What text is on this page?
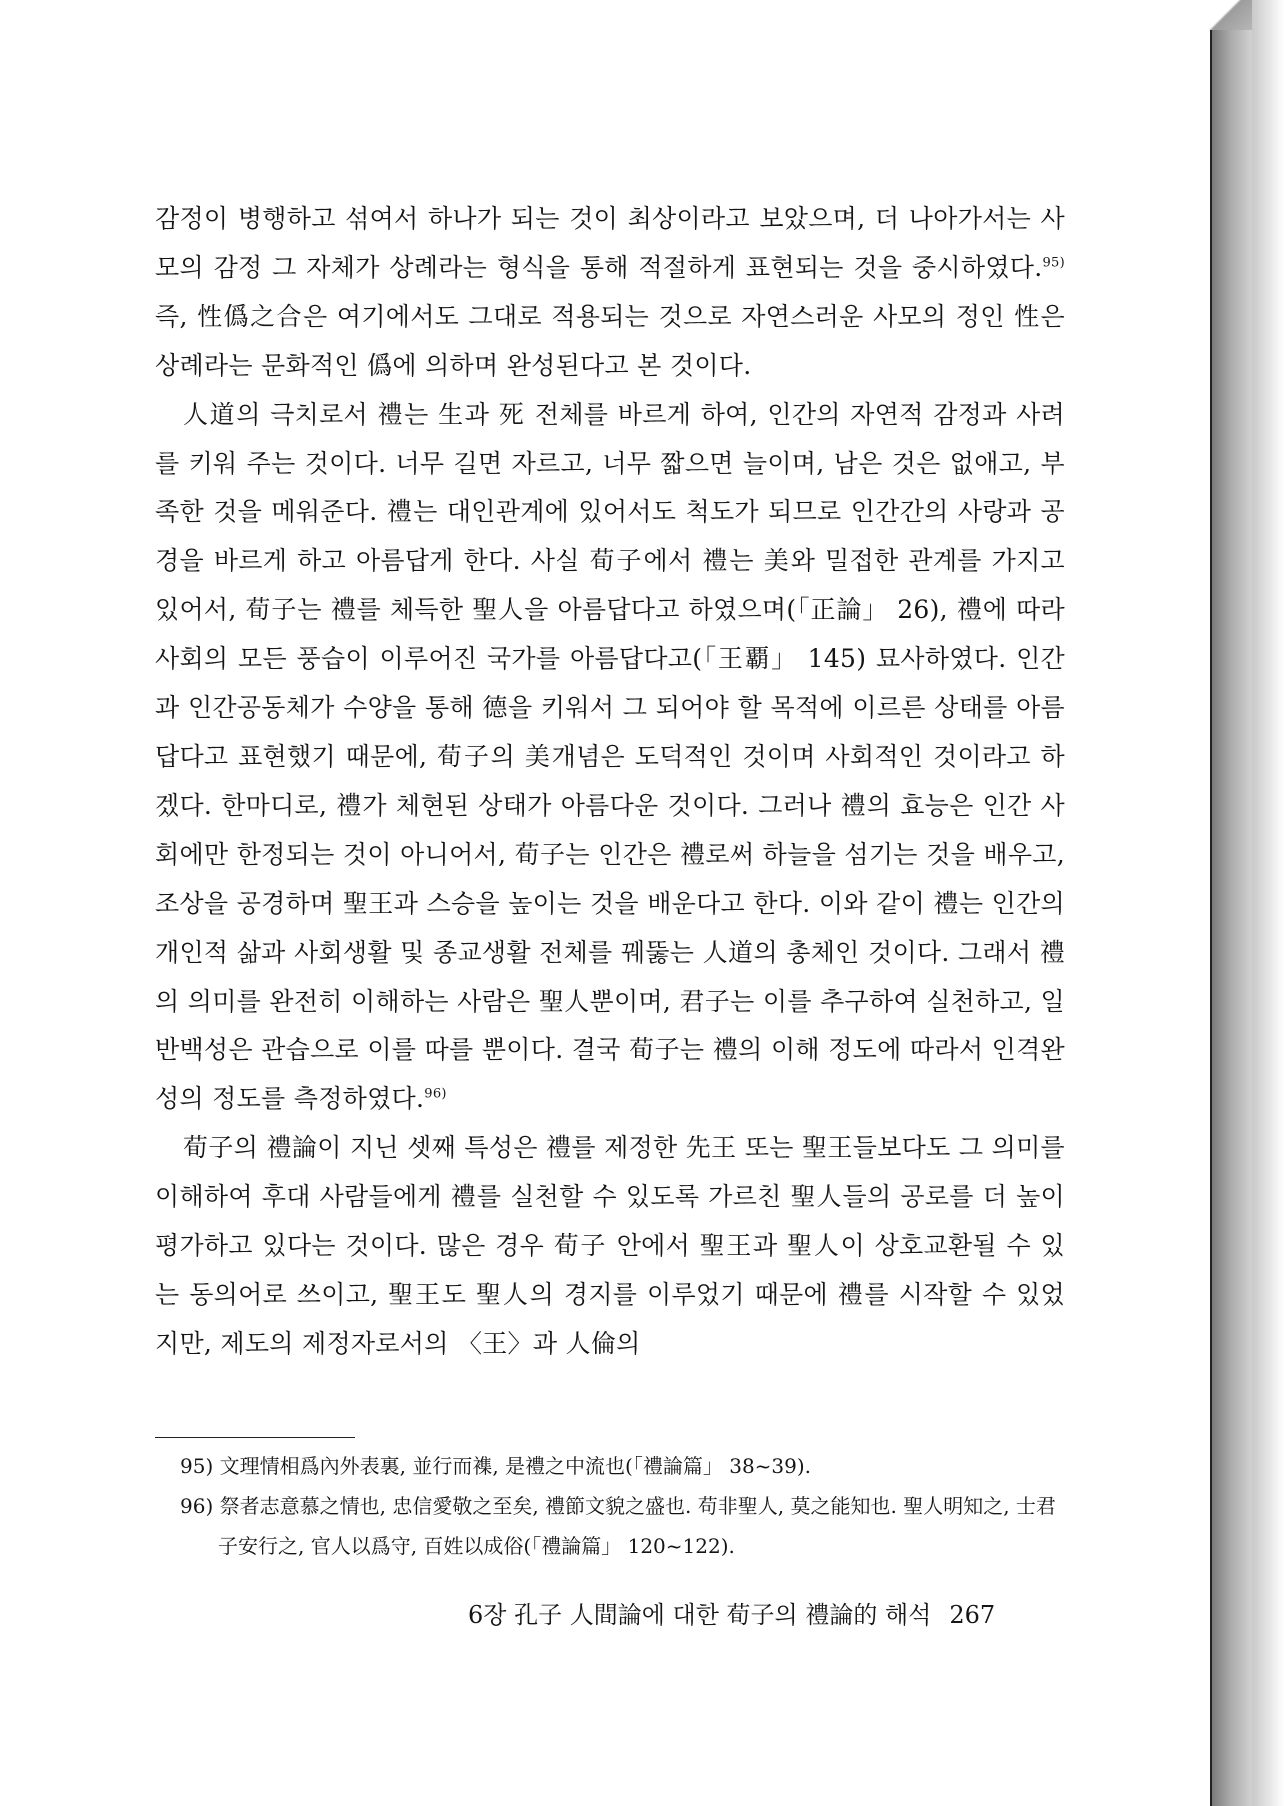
감정이 병행하고 섞여서 하나가 되는 것이 최상이라고 보았으며, 더 나아가서는 사모의 감정 그 자체가 상례라는 형식을 통해 적절하게 표현되는 것을 중시하였다.$^{95)}$ 즉, 性僞之合은 여기에서도 그대로 적용되는 것으로 자연스러운 사모의 정인 性은 상례라는 문화적인 僞에 의하며 완성된다고 본 것이다.

人道의 극치로서 禮는 生과 死 전체를 바르게 하여, 인간의 자연적 감정과 사려를 키워 주는 것이다. 너무 길면 자르고, 너무 짧으면 늘이며, 남은 것은 없애고, 부족한 것을 메워준다. 禮는 대인관계에 있어서도 척도가 되므로 인간간의 사랑과 공경을 바르게 하고 아름답게 한다. 사실 荀子에서 禮는 美와 밀접한 관계를 가지고 있어서, 荀子는 禮를 체득한 聖人을 아름답다고 하였으며(「正論」 26), 禮에 따라 사회의 모든 풍습이 이루어진 국가를 아름답다고(「王覇」 145) 묘사하였다. 인간과 인간공동체가 수양을 통해 德을 키워서 그 되어야 할 목적에 이르른 상태를 아름답다고 표현했기 때문에, 荀子의 美개념은 도덕적인 것이며 사회적인 것이라고 하겠다. 한마디로, 禮가 체현된 상태가 아름다운 것이다. 그러나 禮의 효능은 인간 사회에만 한정되는 것이 아니어서, 荀子는 인간은 禮로써 하늘을 섬기는 것을 배우고, 조상을 공경하며 聖王과 스승을 높이는 것을 배운다고 한다. 이와 같이 禮는 인간의 개인적 삶과 사회생활 및 종교생활 전체를 꿰뚫는 人道의 총체인 것이다. 그래서 禮의 의미를 완전히 이해하는 사람은 聖人뿐이며, 君子는 이를 추구하여 실천하고, 일반백성은 관습으로 이를 따를 뿐이다. 결국 荀子는 禮의 이해 정도에 따라서 인격완성의 정도를 측정하였다.$^{96)}$

荀子의 禮論이 지닌 셋째 특성은 禮를 제정한 先王 또는 聖王들보다도 그 의미를 이해하여 후대 사람들에게 禮를 실천할 수 있도록 가르친 聖人들의 공로를 더 높이 평가하고 있다는 것이다. 많은 경우 荀子 안에서 聖王과 聖人이 상호교환될 수 있는 동의어로 쓰이고, 聖王도 聖人의 경지를 이루었기 때문에 禮를 시작할 수 있었지만, 제도의 제정자로서의 〈王〉과 人倫의

95) 文理情相爲內外表裏, 並行而襍, 是禮之中流也(「禮論篇」 38~39).

96) 祭者志意慕之情也, 忠信愛敬之至矣, 禮節文貌之盛也. 苟非聖人, 莫之能知也. 聖人明知之, 士君子安行之, 官人以爲守, 百姓以成俗(「禮論篇」 120~122).

6장 孔子 人間論에 대한 荀子의 禮論的 해석 267
